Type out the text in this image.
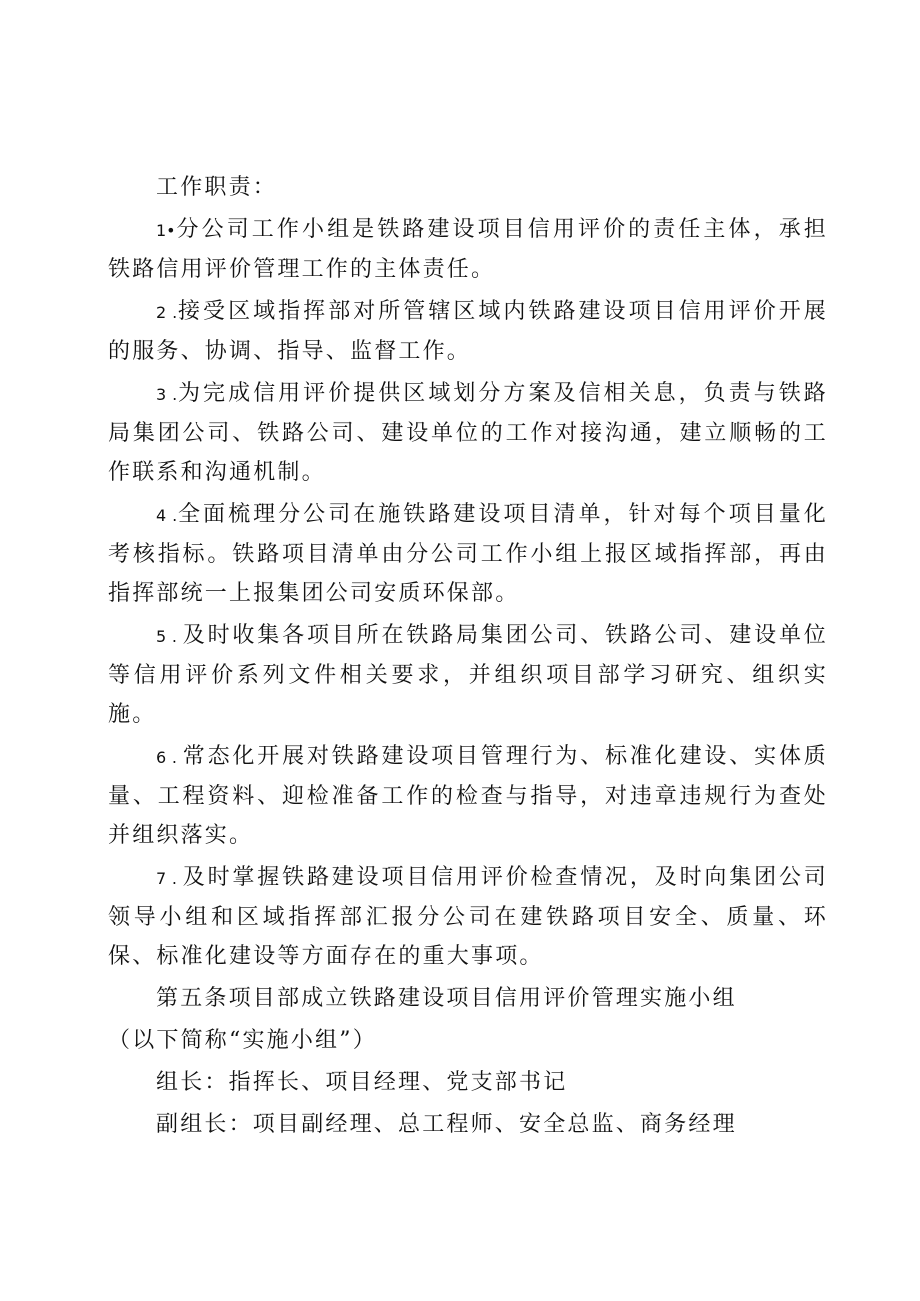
工作职责：

1•分公司工作小组是铁路建设项目信用评价的责任主体，承担铁路信用评价管理工作的主体责任。

2 .接受区域指挥部对所管辖区域内铁路建设项目信用评价开展的服务、协调、指导、监督工作。

3 .为完成信用评价提供区域划分方案及信相关息，负责与铁路局集团公司、铁路公司、建设单位的工作对接沟通，建立顺畅的工作联系和沟通机制。

4 .全面梳理分公司在施铁路建设项目清单，针对每个项目量化考核指标。铁路项目清单由分公司工作小组上报区域指挥部，再由指挥部统一上报集团公司安质环保部。

5 . 及时收集各项目所在铁路局集团公司、铁路公司、建设单位等信用评价系列文件相关要求，并组织项目部学习研究、组织实施。

6 . 常态化开展对铁路建设项目管理行为、标准化建设、实体质量、工程资料、迎检准备工作的检查与指导，对违章违规行为查处并组织落实。

7 . 及时掌握铁路建设项目信用评价检查情况，及时向集团公司领导小组和区域指挥部汇报分公司在建铁路项目安全、质量、环保、标准化建设等方面存在的重大事项。

第五条项目部成立铁路建设项目信用评价管理实施小组

（以下简称“实施小组”）

组长：指挥长、项目经理、党支部书记

副组长：项目副经理、总工程师、安全总监、商务经理
